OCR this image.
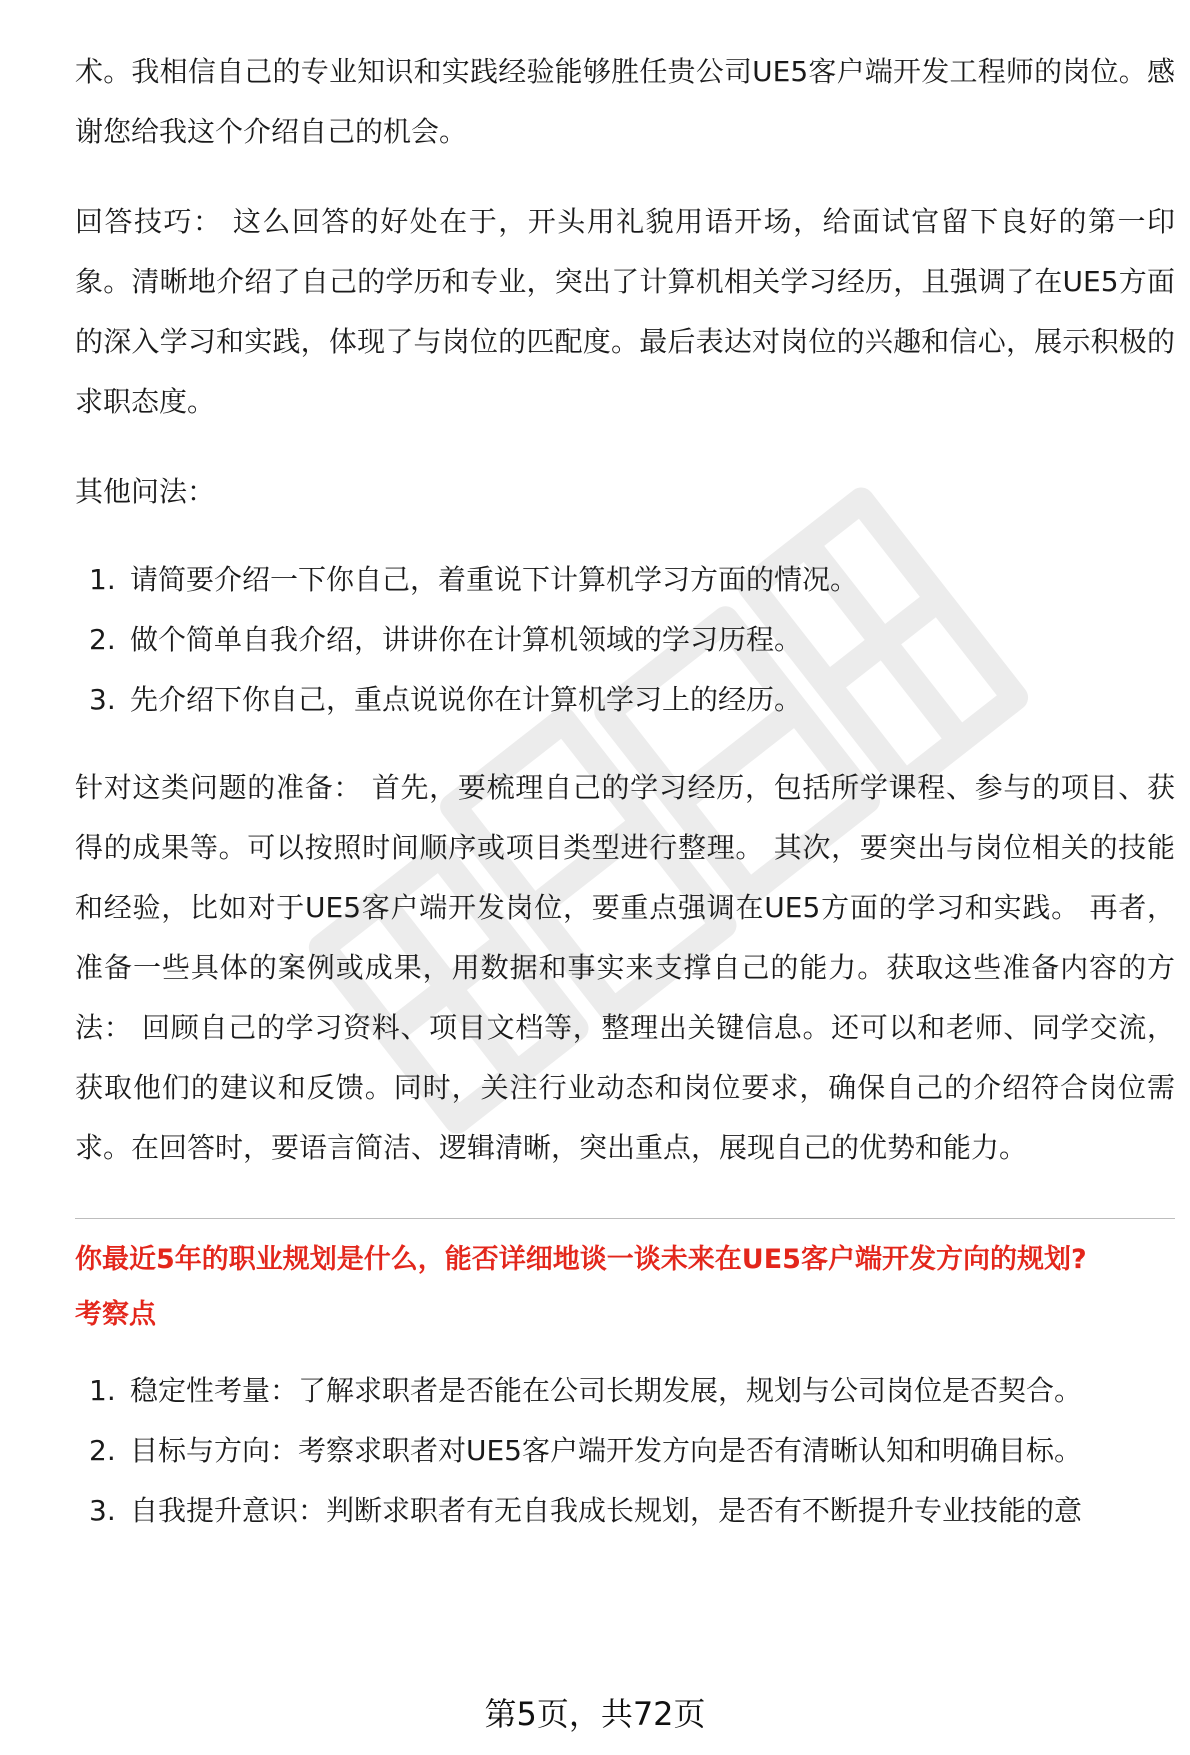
术。我相信自己的专业知识和实践经验能够胜任贵公司UE5客户端开发工程师的岗位。感谢您给我这个介绍自己的机会。

回答技巧： 这么回答的好处在于，开头用礼貌用语开场，给面试官留下良好的第一印象。清晰地介绍了自己的学历和专业，突出了计算机相关学习经历，且强调了在UE5方面的深入学习和实践，体现了与岗位的匹配度。最后表达对岗位的兴趣和信心，展示积极的求职态度。

其他问法：

1. 请简要介绍一下你自己，着重说下计算机学习方面的情况。
2. 做个简单自我介绍，讲讲你在计算机领域的学习历程。
3. 先介绍下你自己，重点说说你在计算机学习上的经历。

针对这类问题的准备： 首先，要梳理自己的学习经历，包括所学课程、参与的项目、获得的成果等。可以按照时间顺序或项目类型进行整理。 其次，要突出与岗位相关的技能和经验，比如对于UE5客户端开发岗位，要重点强调在UE5方面的学习和实践。 再者，准备一些具体的案例或成果，用数据和事实来支撑自己的能力。获取这些准备内容的方法： 回顾自己的学习资料、项目文档等，整理出关键信息。还可以和老师、同学交流，获取他们的建议和反馈。同时，关注行业动态和岗位要求，确保自己的介绍符合岗位需求。在回答时，要语言简洁、逻辑清晰，突出重点，展现自己的优势和能力。

你最近5年的职业规划是什么，能否详细地谈一谈未来在UE5客户端开发方向的规划?

考察点

1. 稳定性考量：了解求职者是否能在公司长期发展，规划与公司岗位是否契合。
2. 目标与方向：考察求职者对UE5客户端开发方向是否有清晰认知和明确目标。
3. 自我提升意识：判断求职者有无自我成长规划，是否有不断提升专业技能的意
第5页，共72页
